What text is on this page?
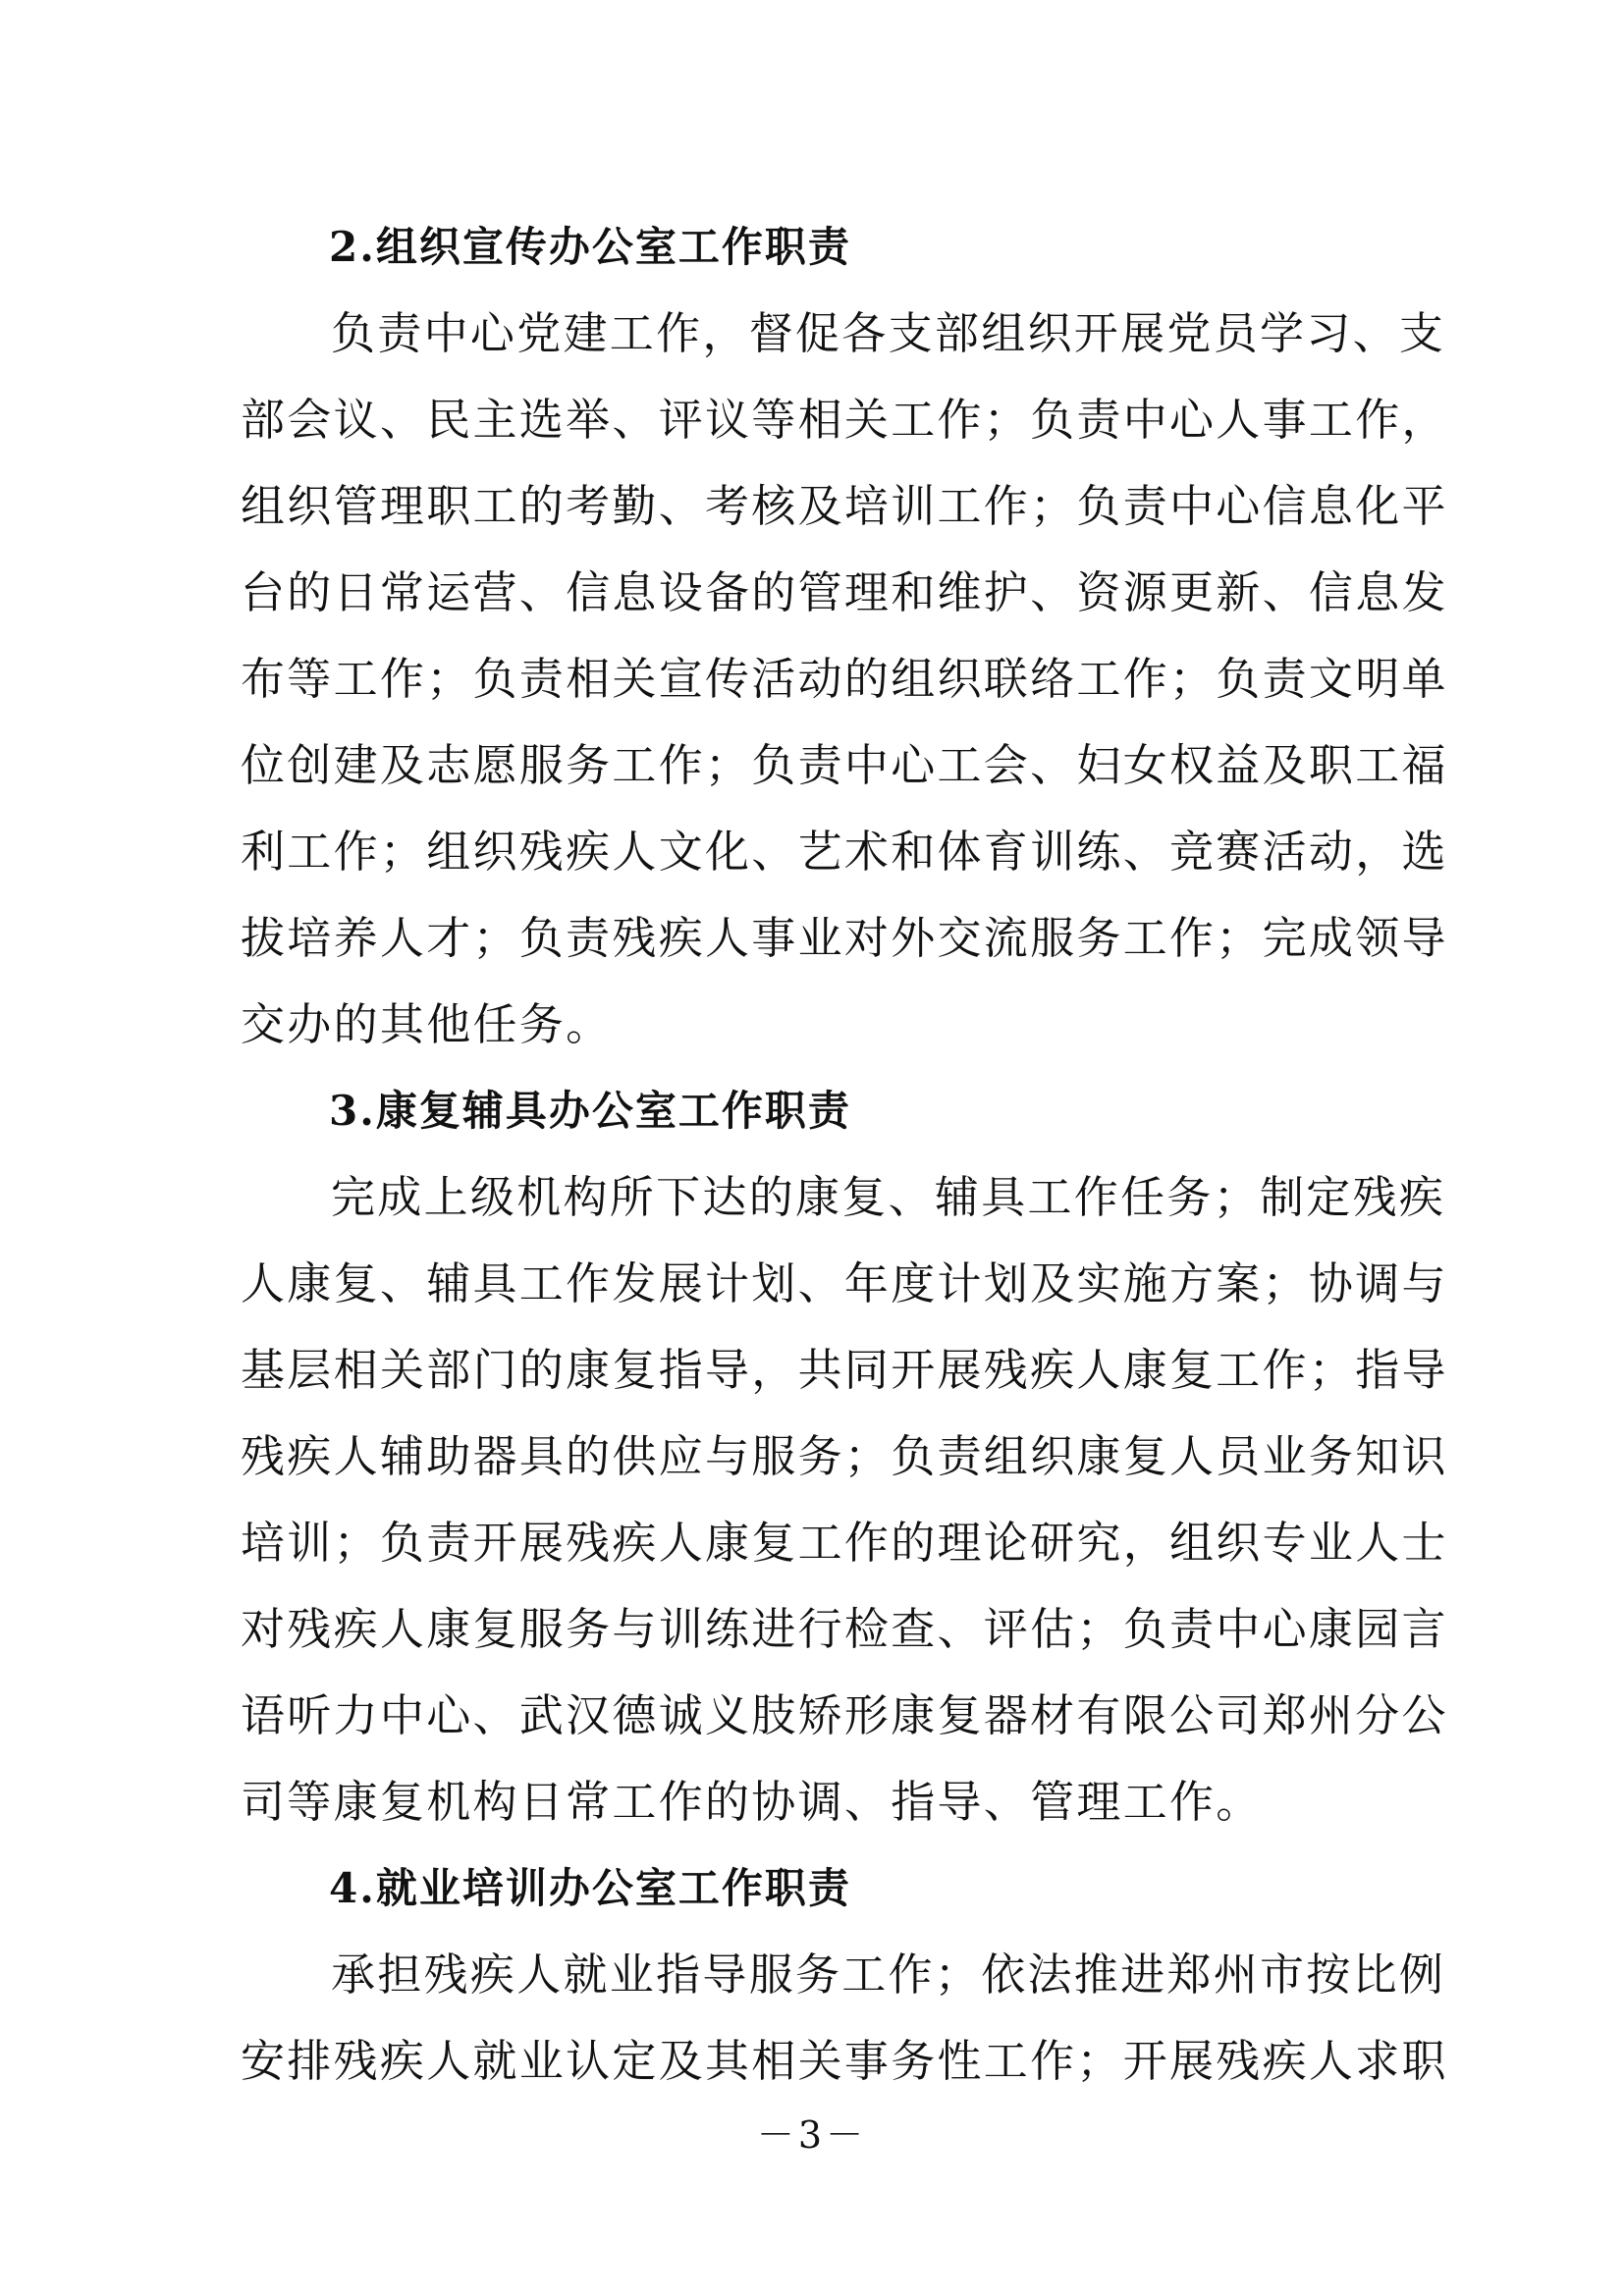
2.组织宣传办公室工作职责

负责中心党建工作，督促各支部组织开展党员学习、支
部会议、民主选举、评议等相关工作；负责中心人事工作，
组织管理职工的考勤、考核及培训工作；负责中心信息化平
台的日常运营、信息设备的管理和维护、资源更新、信息发
布等工作；负责相关宣传活动的组织联络工作；负责文明单
位创建及志愿服务工作；负责中心工会、妇女权益及职工福
利工作；组织残疾人文化、艺术和体育训练、竞赛活动，选
拔培养人才；负责残疾人事业对外交流服务工作；完成领导
交办的其他任务。

3.康复辅具办公室工作职责

完成上级机构所下达的康复、辅具工作任务；制定残疾
人康复、辅具工作发展计划、年度计划及实施方案；协调与
基层相关部门的康复指导，共同开展残疾人康复工作；指导
残疾人辅助器具的供应与服务；负责组织康复人员业务知识
培训；负责开展残疾人康复工作的理论研究，组织专业人士
对残疾人康复服务与训练进行检查、评估；负责中心康园言
语听力中心、武汉德诚义肢矫形康复器材有限公司郑州分公
司等康复机构日常工作的协调、指导、管理工作。

4.就业培训办公室工作职责

承担残疾人就业指导服务工作；依法推进郑州市按比例
安排残疾人就业认定及其相关事务性工作；开展残疾人求职

－3－
